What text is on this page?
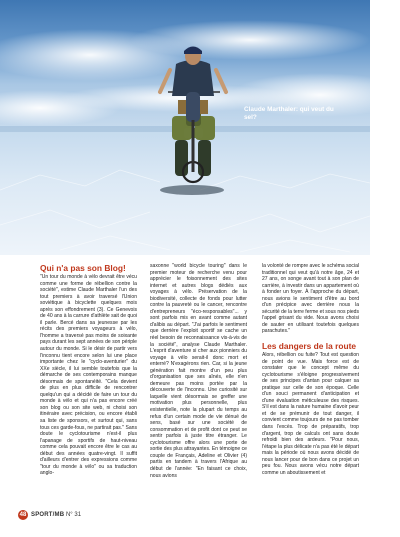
Claude Marthaler: qui veut du sel?
Qui n'a pas son Blog!

"Un tour du monde à vélo devrait être vécu comme une forme de rébellion contre la société", estime Claude Marthaler l'un des tout premiers à avoir traversé l'Union soviétique à bicyclette quelques mois après son effondrement (3). Ce Genevois de 40 ans à la carrure d'athlète sait de quoi il parle. Bercé dans sa jeunesse par les récits des premiers voyageurs à vélo, l'homme a traversé pas moins de soixante pays durant les sept années de son périple autour du monde. Si le désir de partir vers l'inconnu tient encore selon lui une place importante chez le "cyclo-aventurier" du XXe siècle, il lui semble toutefois que la démarche de ses contemporains manque désormais de spontanéité. "Cela devient de plus en plus difficile de rencontrer quelqu'un qui a décidé de faire un tour du monde à vélo et qui n'a pas encore créé son blog ou son site web, ni choisi son itinéraire avec précision, ou encore établi sa liste de sponsors, et surtout qui, sans tous ces garde-fous, ne partirait pas." Sans doute le cyclotourisme n'est-il plus l'apanage de sportifs de haut-niveau comme cela pouvait encore être le cas au début des années quatre-vingt. Il suffit d'ailleurs d'entrer des expressions comme "tour du monde à vélo" ou sa traduction anglo-

saxonne "world bicycle touring" dans le premier moteur de recherche venu pour apprécier le foisonnement des sites internet et autres blogs dédiés aux voyages à vélo. Préservation de la biodiversité, collecte de fonds pour lutter contre la pauvreté ou le cancer, rencontre d'entrepreneurs "éco-responsables"... y sont parfois mis en avant comme autant d'alibis au départ. "J'ai parfois le sentiment que derrière l'exploit sportif se cache un réel besoin de reconnaissance vis-à-vis de la société", analyse Claude Marthaler. L'esprit d'aventure si cher aux pionniers du voyage à vélo serait-il donc mort et enterré? N'exagérons rien. Car, si la jeune génération fait montre d'un peu plus d'organisation que ses aînés, elle n'en demeure pas moins portée par la découverte de l'inconnu. Une curiosité sur laquelle vient désormais se greffer une motivation plus personnelle, plus existentielle, note la plupart du temps au refus d'un certain mode de vie dénué de sens, basé sur une société de consommation et de profit dont ce peut se sentir parfois à juste titre étranger. Le cyclotourisme offre alors une porte de sortie des plus attrayantes. En témoigne ce couple de Français, Adeline et Olivier (4) partis en tandem à travers l'Afrique au début de l'année: "En faisant ce choix, nous avions

la volonté de rompre avec le schéma social traditionnel qui veut qu'à notre âge, 24 et 27 ans, on songe avant tout à son plan de carrière, à investir dans un appartement où à fonder un foyer. À l'approche du départ, nous avions le sentiment d'être au bord d'un précipice avec derrière nous la sécurité de la terre ferme et sous nos pieds l'appel grisant du vide. Nous avons choisi de sauter en utilisant toutefois quelques parachutes."

Les dangers de la route

Alors, rébellion ou fuite? Tout est question de point de vue. Mais force est de constater que le concept même du cyclotourisme s'éloigne progressivement de ses principes d'antan pour calquer sa pratique sur celle de son époque. Celle d'un souci permanent d'anticipation et d'une évaluation méticuleuse des risques. S'il est dans la nature humaine d'avoir peur et de se prémunir de tout danger, il convient comme toujours de ne pas tomber dans l'excès. Trop de préparatifs, trop d'argent, trop de calculs ont sans doute refroidi bien des ardeurs. "Pour nous, l'étape la plus délicate n'a pas été le départ mais la période où nous avons décidé de nous lancer pour de bon dans ce projet un peu fou. Nous avons vécu notre départ comme un aboutissement et

48 SPORT/MB N° 31
